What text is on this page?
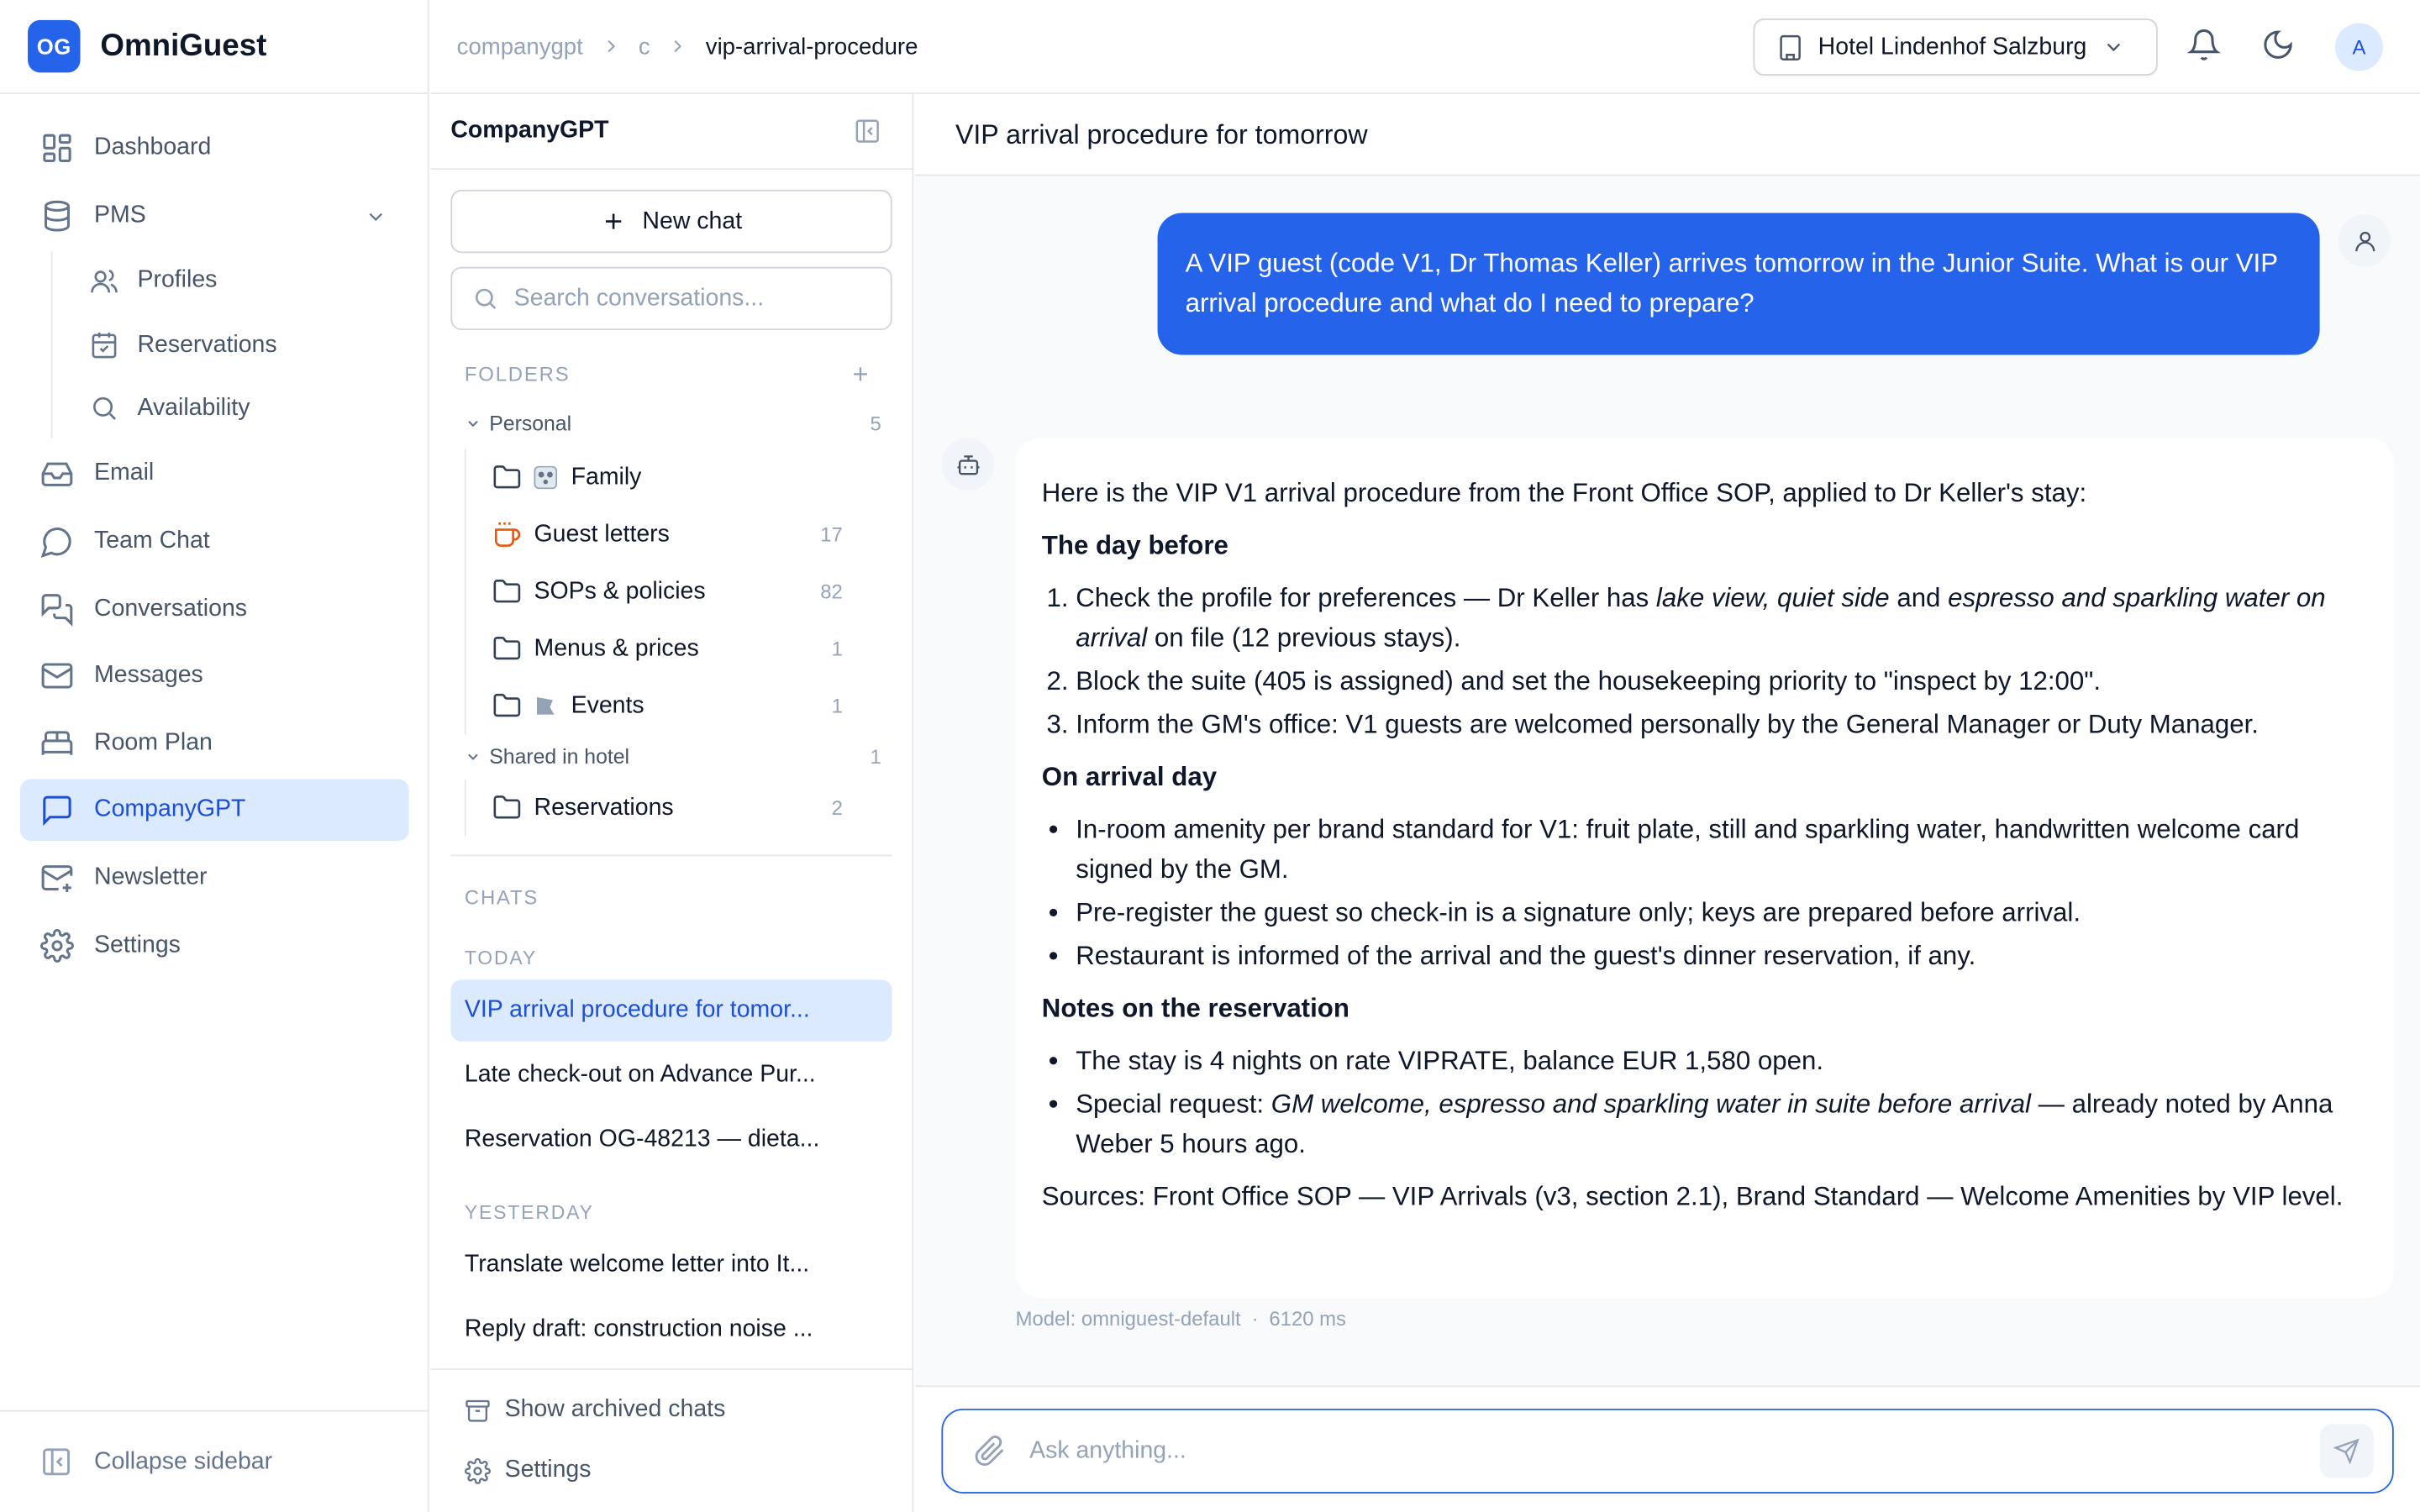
OG	OmniGuest
Dashboard
PMS
Profiles
Reservations
Availability
Email
Team Chat
Conversations
Messages
Room Plan
CompanyGPT
Newsletter
Settings
Collapse sidebar
companygpt	c	vip-arrival-procedure	Hotel Lindenhof Salzburg	A
CompanyGPT
New chat
Search conversations...
FOLDERS
Personal	5
Family
Guest letters	17
SOPs & policies	82
Menus & prices	1
Events	1
Shared in hotel	1
Reservations	2
CHATS
TODAY
VIP arrival procedure for tomor...
Late check-out on Advance Pur...
Reservation OG-48213 — dieta...
YESTERDAY
Translate welcome letter into It...
Reply draft: construction noise ...
Show archived chats
Settings
VIP arrival procedure for tomorrow
A VIP guest (code V1, Dr Thomas Keller) arrives tomorrow in the Junior Suite. What is our VIP arrival procedure and what do I need to prepare?

Here is the VIP V1 arrival procedure from the Front Office SOP, applied to Dr Keller's stay:

The day before
1. Check the profile for preferences — Dr Keller has lake view, quiet side and espresso and sparkling water on arrival on file (12 previous stays).
2. Block the suite (405 is assigned) and set the housekeeping priority to "inspect by 12:00".
3. Inform the GM's office: V1 guests are welcomed personally by the General Manager or Duty Manager.
On arrival day
• In-room amenity per brand standard for V1: fruit plate, still and sparkling water, handwritten welcome card signed by the GM.
• Pre-register the guest so check-in is a signature only; keys are prepared before arrival.
• Restaurant is informed of the arrival and the guest's dinner reservation, if any.
Notes on the reservation
• The stay is 4 nights on rate VIPRATE, balance EUR 1,580 open.
• Special request: GM welcome, espresso and sparkling water in suite before arrival — already noted by Anna Weber 5 hours ago.

Sources: Front Office SOP — VIP Arrivals (v3, section 2.1), Brand Standard — Welcome Amenities by VIP level.

Model: omniguest-default · 6120 ms
Ask anything...
